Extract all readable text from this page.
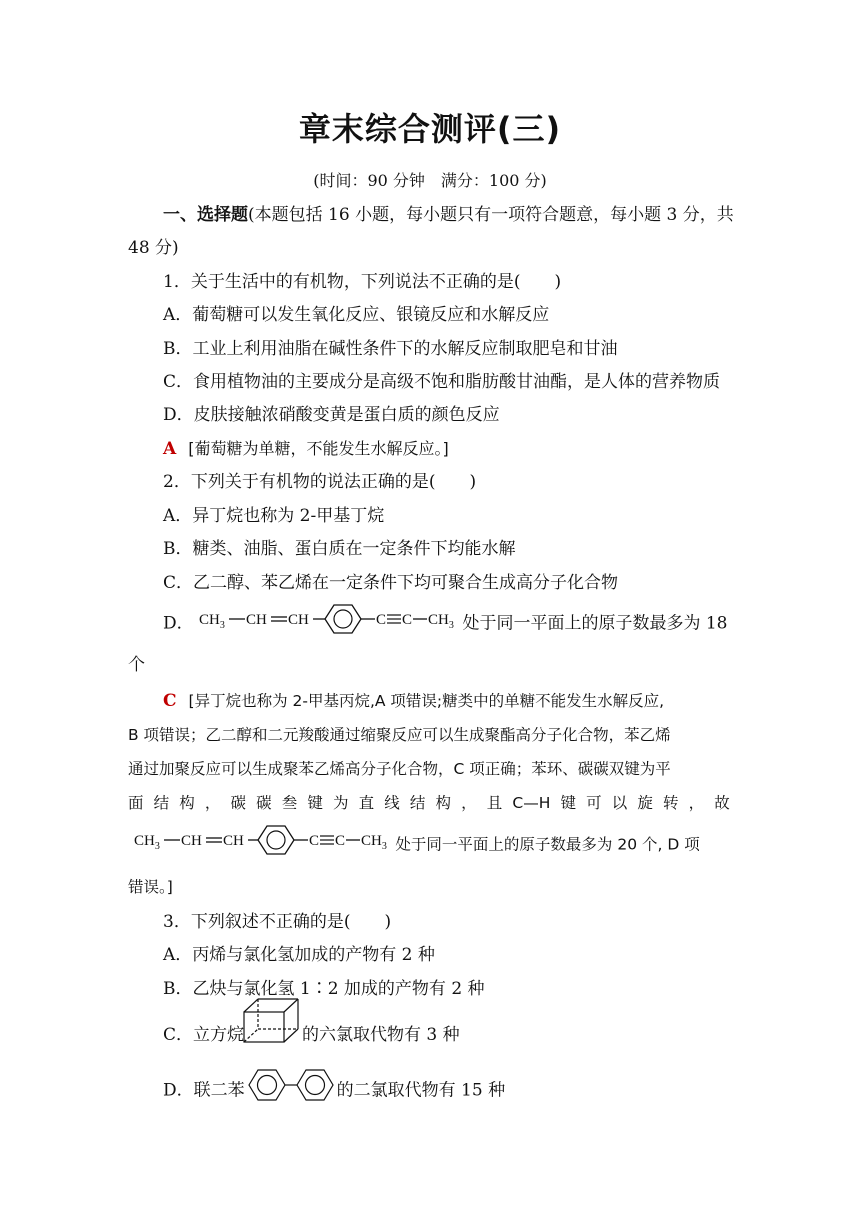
章末综合测评(三)
(时间：90 分钟　满分：100 分)
一、选择题(本题包括 16 小题，每小题只有一项符合题意，每小题 3 分，共
48 分)
1．关于生活中的有机物，下列说法不正确的是(　　)
A．葡萄糖可以发生氧化反应、银镜反应和水解反应
B．工业上利用油脂在碱性条件下的水解反应制取肥皂和甘油
C．食用植物油的主要成分是高级不饱和脂肪酸甘油酯，是人体的营养物质
D．皮肤接触浓硝酸变黄是蛋白质的颜色反应
A [葡萄糖为单糖，不能发生水解反应。]
2．下列关于有机物的说法正确的是(　　)
A．异丁烷也称为 2-甲基丁烷
B．糖类、油脂、蛋白质在一定条件下均能水解
C．乙二醇、苯乙烯在一定条件下均可聚合生成高分子化合物
D． $CH_3$ CH CH	C C $CH_3$ 处于同一平面上的原子数最多为 18
个
C [异丁烷也称为 2-甲基丙烷,A 项错误;糖类中的单糖不能发生水解反应,
B 项错误；乙二醇和二元羧酸通过缩聚反应可以生成聚酯高分子化合物，苯乙烯
通过加聚反应可以生成聚苯乙烯高分子化合物，C 项正确；苯环、碳碳双键为平
面 结 构 ， 碳 碳 叁 键 为 直 线 结 构 ， 且 C—H 键 可 以 旋 转 ， 故
$CH_3$ CH CH	C C $CH_3$ 处于同一平面上的原子数最多为 20 个, D 项
错误。]
3．下列叙述不正确的是(　　)
A．丙烯与氯化氢加成的产物有 2 种
B．乙炔与氯化氢 1∶2 加成的产物有 2 种
C．立方烷	的六氯取代物有 3 种
D．联二苯	的二氯取代物有 15 种
